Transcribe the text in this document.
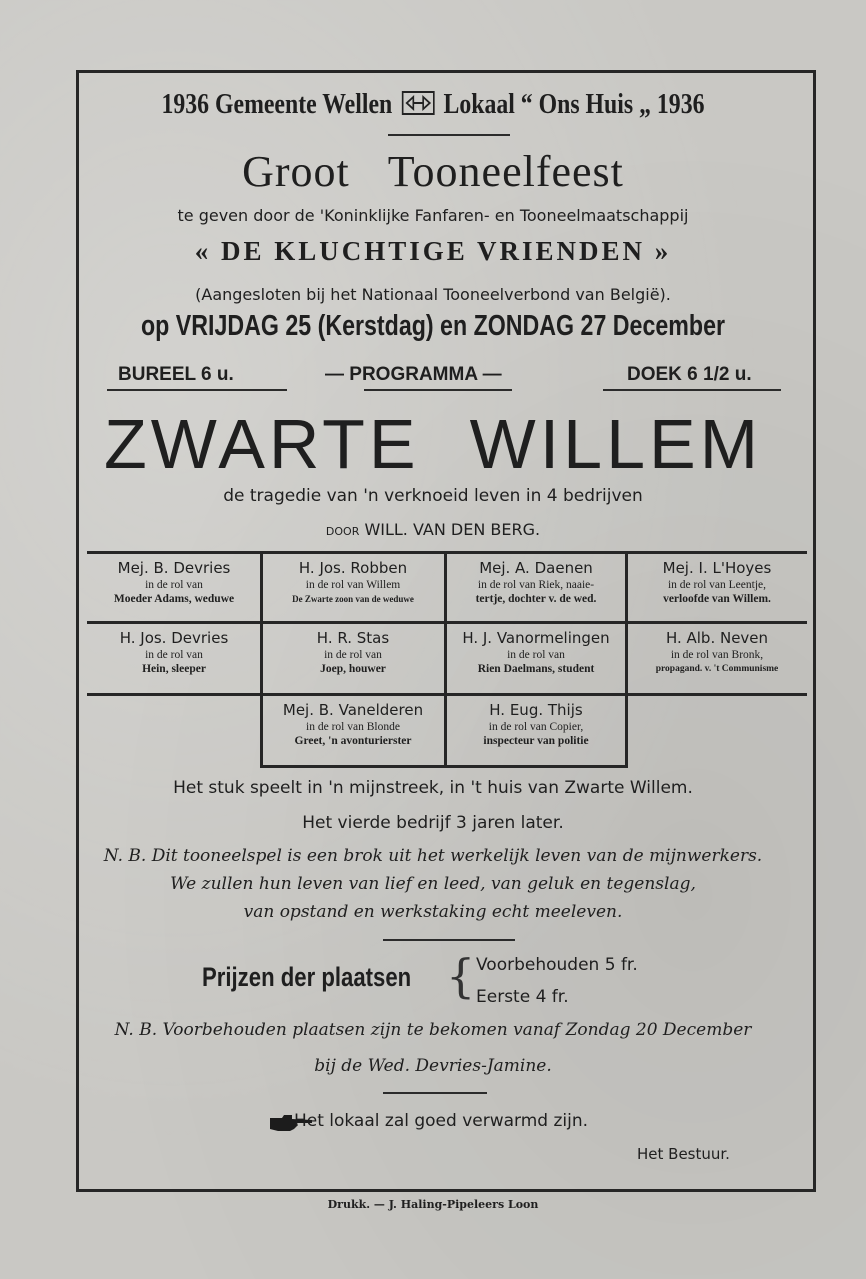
1936 Gemeente Wellen Lokaal “ Ons Huis „ 1936
Groot Tooneelfeest
te geven door de 'Koninklijke Fanfaren- en Tooneelmaatschappij
« DE KLUCHTIGE VRIENDEN »
(Aangesloten bij het Nationaal Tooneelverbond van België).
op VRIJDAG 25 (Kerstdag) en ZONDAG 27 December
BUREEL 6 u.	— PROGRAMMA —	DOEK 6 1/2 u.
ZWARTE WILLEM
de tragedie van 'n verknoeid leven in 4 bedrijven
door WILL. VAN DEN BERG.
Mej. B. Devries
in de rol van
Moeder Adams, weduwe
H. Jos. Robben
in de rol van Willem
De Zwarte zoon van de weduwe
Mej. A. Daenen
in de rol van Riek, naaie-
tertje, dochter v. de wed.
Mej. I. L'Hoyes
in de rol van Leentje,
verloofde van Willem.
H. Jos. Devries
in de rol van
Hein, sleeper
H. R. Stas
in de rol van
Joep, houwer
H. J. Vanormelingen
in de rol van
Rien Daelmans, student
H. Alb. Neven
in de rol van Bronk,
propagand. v. 't Communisme
Mej. B. Vanelderen
in de rol van Blonde
Greet, 'n avonturierster
H. Eug. Thijs
in de rol van Copier,
inspecteur van politie
Het stuk speelt in 'n mijnstreek, in 't huis van Zwarte Willem.
Het vierde bedrijf 3 jaren later.
N. B. Dit tooneelspel is een brok uit het werkelijk leven van de mijnwerkers.
We zullen hun leven van lief en leed, van geluk en tegenslag,
van opstand en werkstaking echt meeleven.
Prijzen der plaatsen { Voorbehouden 5 fr.
Eerste 4 fr.
N. B. Voorbehouden plaatsen zijn te bekomen vanaf Zondag 20 December
bij de Wed. Devries-Jamine.
Het lokaal zal goed verwarmd zijn.
Het Bestuur.
Drukk. — J. Haling-Pipeleers Loon
